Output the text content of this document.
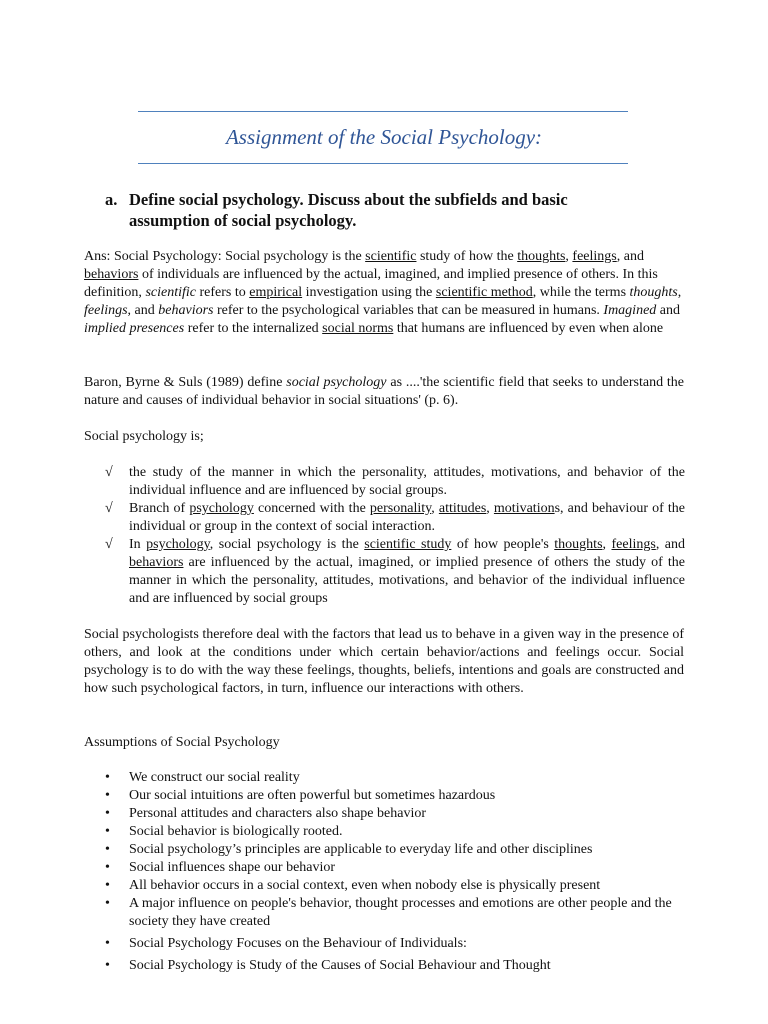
Assignment of the Social Psychology:
a. Define social psychology. Discuss about the subfields and basic assumption of social psychology.

Ans: Social Psychology: Social psychology is the scientific study of how the thoughts, feelings, and behaviors of individuals are influenced by the actual, imagined, and implied presence of others. In this definition, scientific refers to empirical investigation using the scientific method, while the terms thoughts, feelings, and behaviors refer to the psychological variables that can be measured in humans. Imagined and implied presences refer to the internalized social norms that humans are influenced by even when alone

Baron, Byrne & Suls (1989) define social psychology as ....'the scientific field that seeks to understand the nature and causes of individual behavior in social situations' (p. 6).

Social psychology is;

√ the study of the manner in which the personality, attitudes, motivations, and behavior of the individual influence and are influenced by social groups.
√ Branch of psychology concerned with the personality, attitudes, motivations, and behaviour of the individual or group in the context of social interaction.
√ In psychology, social psychology is the scientific study of how people's thoughts, feelings, and behaviors are influenced by the actual, imagined, or implied presence of others the study of the manner in which the personality, attitudes, motivations, and behavior of the individual influence and are influenced by social groups

Social psychologists therefore deal with the factors that lead us to behave in a given way in the presence of others, and look at the conditions under which certain behavior/actions and feelings occur. Social psychology is to do with the way these feelings, thoughts, beliefs, intentions and goals are constructed and how such psychological factors, in turn, influence our interactions with others.

Assumptions of Social Psychology

• We construct our social reality
• Our social intuitions are often powerful but sometimes hazardous
• Personal attitudes and characters also shape behavior
• Social behavior is biologically rooted.
• Social psychology’s principles are applicable to everyday life and other disciplines
• Social influences shape our behavior
• All behavior occurs in a social context, even when nobody else is physically present
• A major influence on people's behavior, thought processes and emotions are other people and the society they have created
• Social Psychology Focuses on the Behaviour of Individuals:
• Social Psychology is Study of the Causes of Social Behaviour and Thought
